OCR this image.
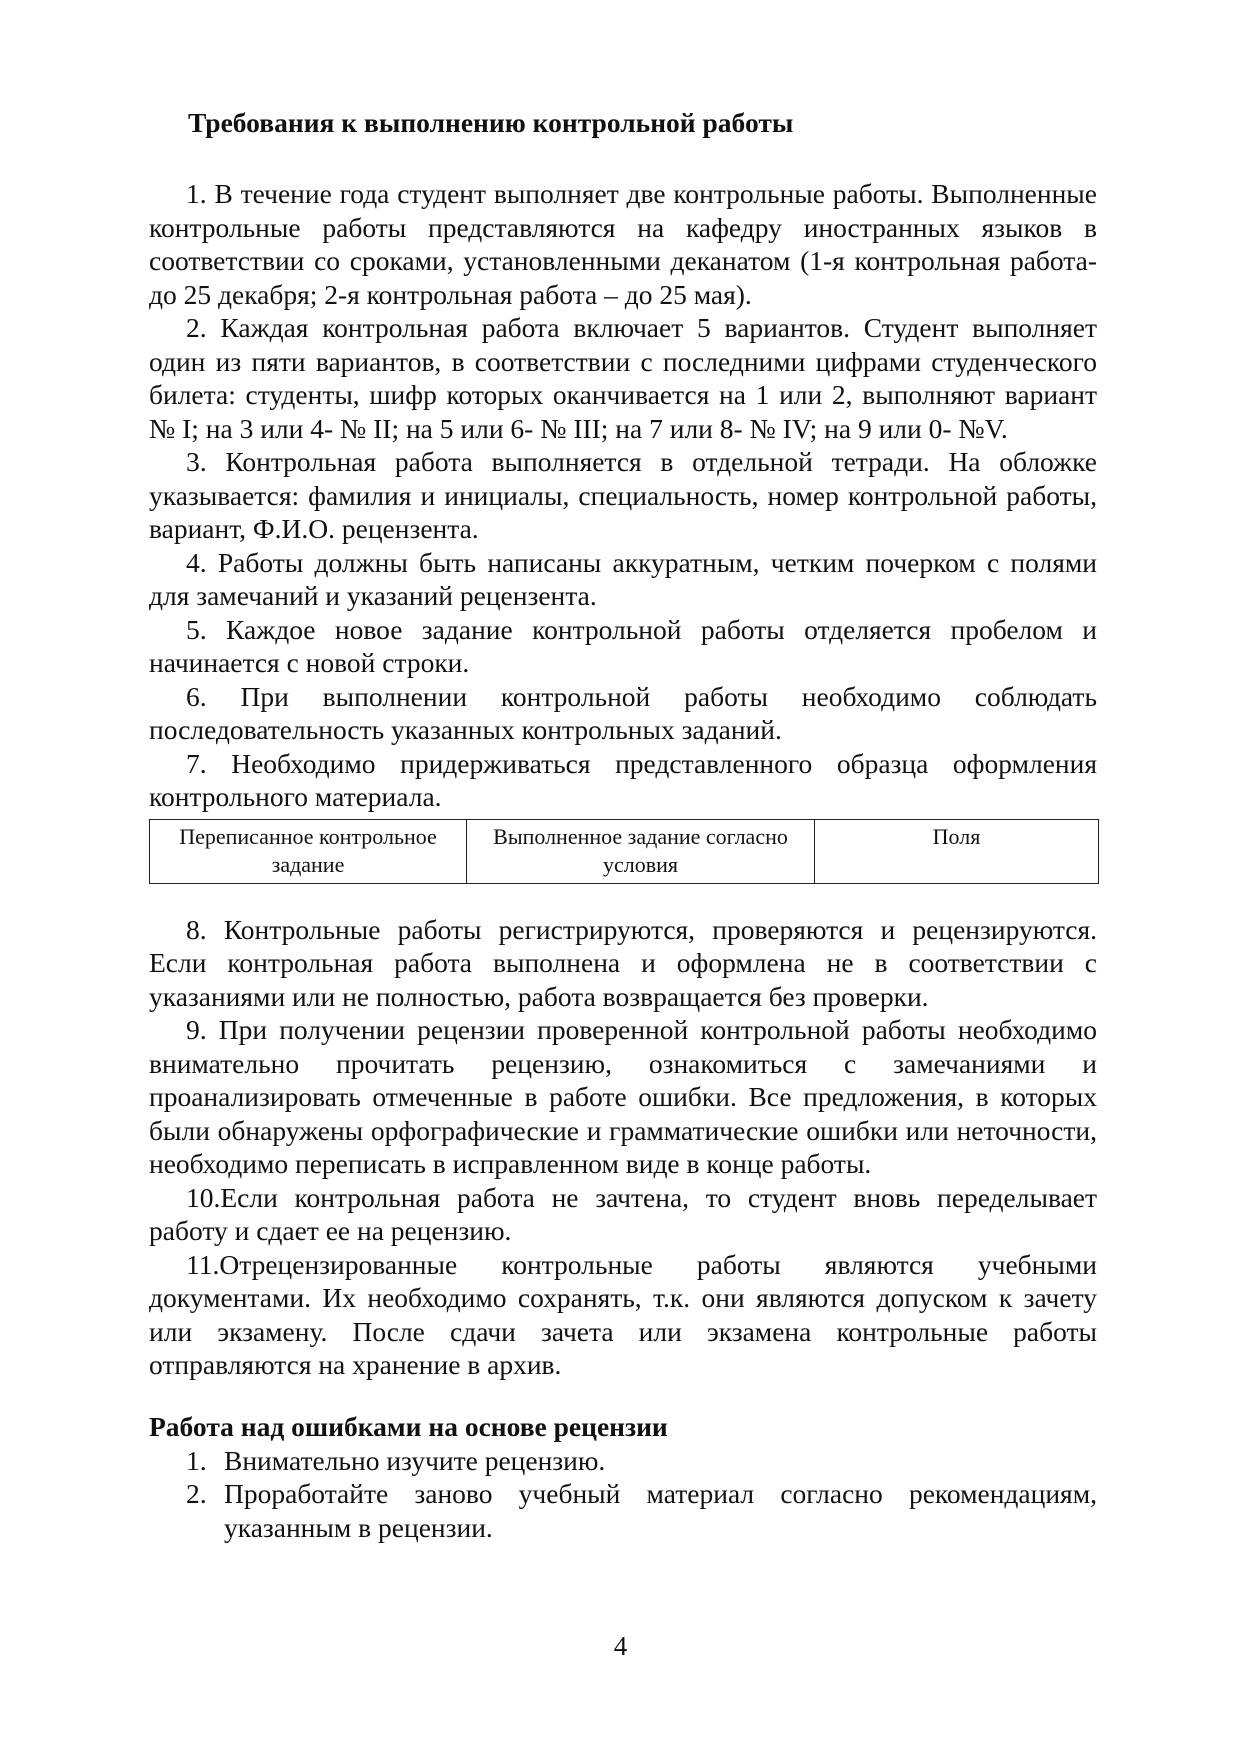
Требования к выполнению контрольной работы

1. В течение года студент выполняет две контрольные работы. Выполненные контрольные работы представляются на кафедру иностранных языков в соответствии со сроками, установленными деканатом (1-я контрольная работа- до 25 декабря; 2-я контрольная работа – до 25 мая).

2. Каждая контрольная работа включает 5 вариантов. Студент выполняет один из пяти вариантов, в соответствии с последними цифрами студенческого билета: студенты, шифр которых оканчивается на 1 или 2, выполняют вариант № I; на 3 или 4- № II; на 5 или 6- № III; на 7 или 8- № IV; на 9 или 0- №V.

3. Контрольная работа выполняется в отдельной тетради. На обложке указывается: фамилия и инициалы, специальность, номер контрольной работы, вариант, Ф.И.О. рецензента.

4. Работы должны быть написаны аккуратным, четким почерком с полями для замечаний и указаний рецензента.

5. Каждое новое задание контрольной работы отделяется пробелом и начинается с новой строки.

6. При выполнении контрольной работы необходимо соблюдать последовательность указанных контрольных заданий.

7. Необходимо придерживаться представленного образца оформления контрольного материала.

Переписанное контрольное задание	Выполненное задание согласно условия	Поля

8. Контрольные работы регистрируются, проверяются и рецензируются. Если контрольная работа выполнена и оформлена не в соответствии с указаниями или не полностью, работа возвращается без проверки.

9. При получении рецензии проверенной контрольной работы необходимо внимательно прочитать рецензию, ознакомиться с замечаниями и проанализировать отмеченные в работе ошибки. Все предложения, в которых были обнаружены орфографические и грамматические ошибки или неточности, необходимо переписать в исправленном виде в конце работы.

10.Если контрольная работа не зачтена, то студент вновь переделывает работу и сдает ее на рецензию.

11.Отрецензированные контрольные работы являются учебными документами. Их необходимо сохранять, т.к. они являются допуском к зачету или экзамену. После сдачи зачета или экзамена контрольные работы отправляются на хранение в архив.

Работа над ошибками на основе рецензии
1. Внимательно изучите рецензию.
2. Проработайте заново учебный материал согласно рекомендациям, указанным в рецензии.
4
